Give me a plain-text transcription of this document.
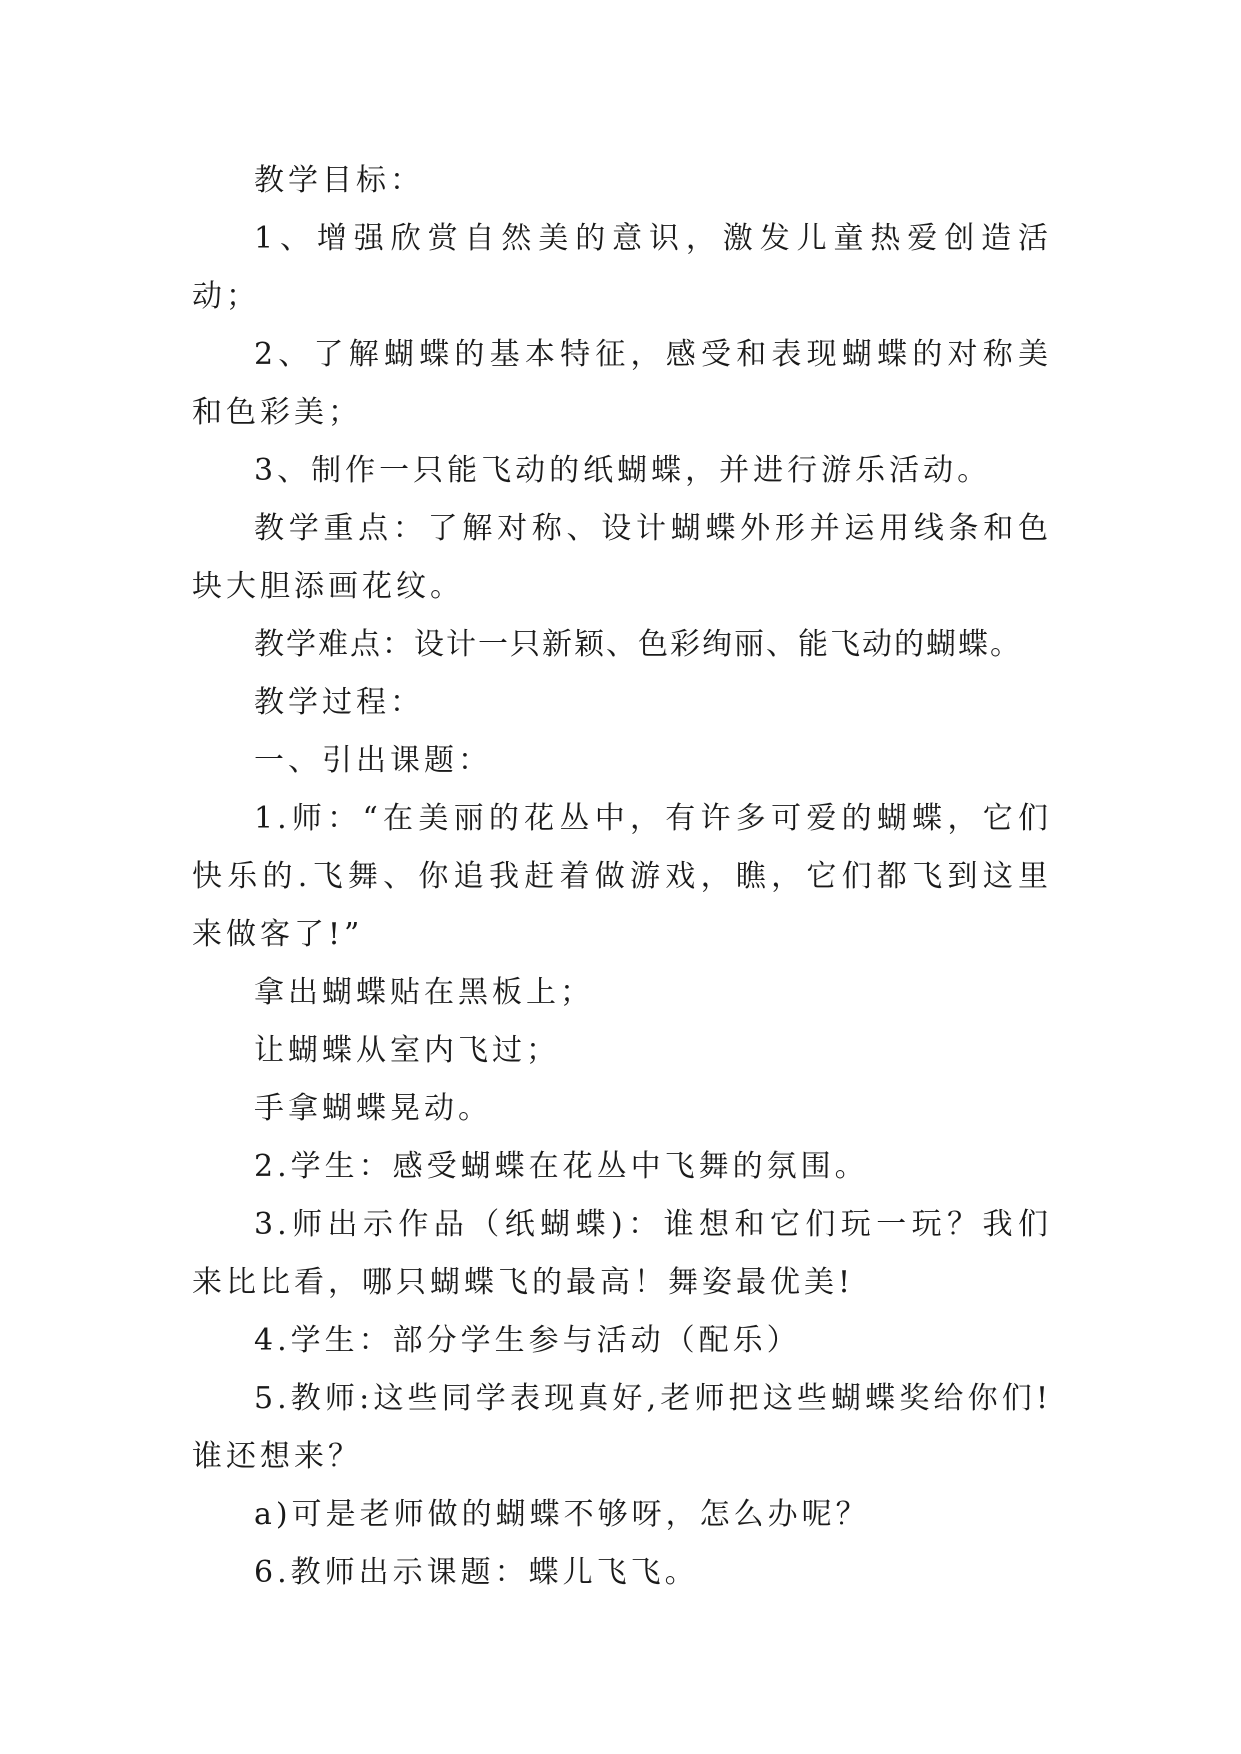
教学目标：

1、增强欣赏自然美的意识，激发儿童热爱创造活动；

2、了解蝴蝶的基本特征，感受和表现蝴蝶的对称美和色彩美；

3、制作一只能飞动的纸蝴蝶，并进行游乐活动。

教学重点：了解对称、设计蝴蝶外形并运用线条和色块大胆添画花纹。

教学难点：设计一只新颖、色彩绚丽、能飞动的蝴蝶。

教学过程：

一、引出课题：

1.师：“在美丽的花丛中，有许多可爱的蝴蝶，它们快乐的.飞舞、你追我赶着做游戏，瞧，它们都飞到这里来做客了!”

拿出蝴蝶贴在黑板上；

让蝴蝶从室内飞过；

手拿蝴蝶晃动。

2.学生：感受蝴蝶在花丛中飞舞的氛围。

3.师出示作品（纸蝴蝶)：谁想和它们玩一玩？我们来比比看，哪只蝴蝶飞的最高！舞姿最优美!

4.学生：部分学生参与活动（配乐）

5.教师:这些同学表现真好,老师把这些蝴蝶奖给你们!谁还想来？

a)可是老师做的蝴蝶不够呀，怎么办呢？

6.教师出示课题：蝶儿飞飞。
